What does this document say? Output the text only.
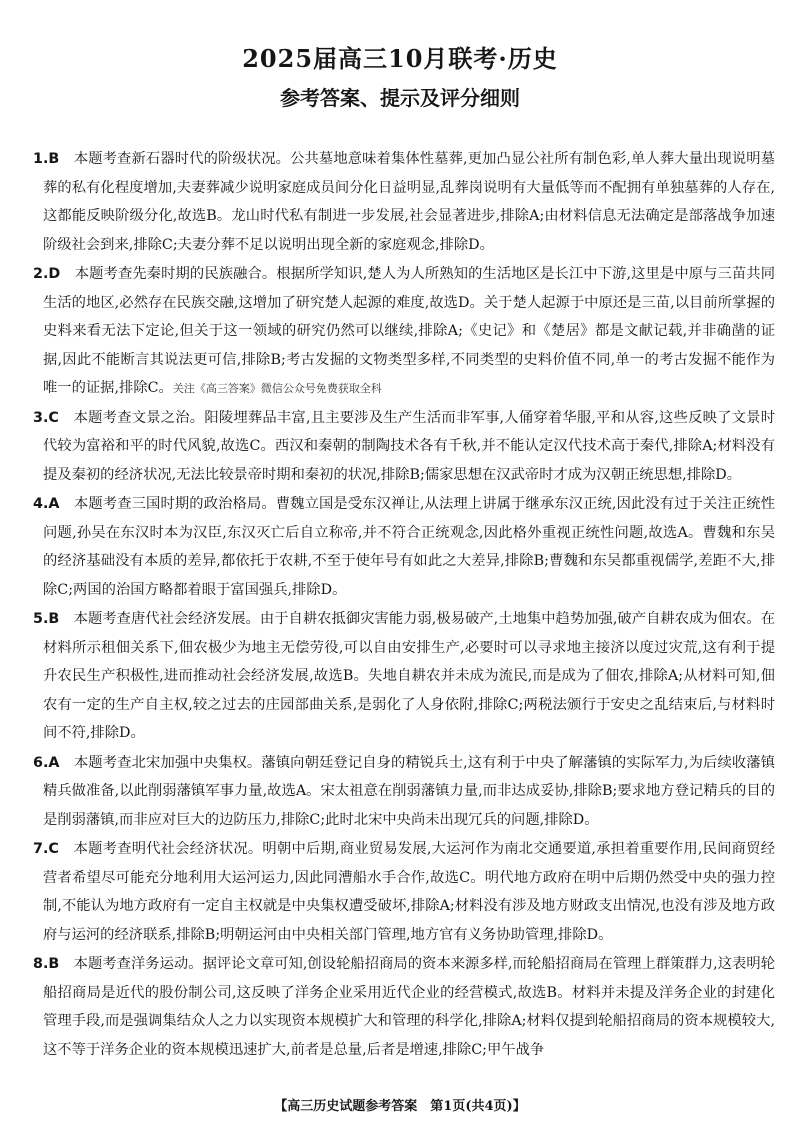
2025届高三10月联考·历史
参考答案、提示及评分细则

1.B　 本题考查新石器时代的阶级状况。公共墓地意味着集体性墓葬,更加凸显公社所有制色彩,单人葬大量出现说明墓葬的私有化程度增加,夫妻葬减少说明家庭成员间分化日益明显,乱葬岗说明有大量低等而不配拥有单独墓葬的人存在,这都能反映阶级分化,故选B。龙山时代私有制进一步发展,社会显著进步,排除A;由材料信息无法确定是部落战争加速阶级社会到来,排除C;夫妻分葬不足以说明出现全新的家庭观念,排除D。

2.D　 本题考查先秦时期的民族融合。根据所学知识,楚人为人所熟知的生活地区是长江中下游,这里是中原与三苗共同生活的地区,必然存在民族交融,这增加了研究楚人起源的难度,故选D。关于楚人起源于中原还是三苗,以目前所掌握的史料来看无法下定论,但关于这一领域的研究仍然可以继续,排除A;《史记》和《楚居》都是文献记载,并非确凿的证据,因此不能断言其说法更可信,排除B;考古发掘的文物类型多样,不同类型的史料价值不同,单一的考古发掘不能作为唯一的证据,排除C。关注《高三答案》微信公众号免费获取全科

3.C　 本题考查文景之治。阳陵埋葬品丰富,且主要涉及生产生活而非军事,人俑穿着华服,平和从容,这些反映了文景时代较为富裕和平的时代风貌,故选C。西汉和秦朝的制陶技术各有千秋,并不能认定汉代技术高于秦代,排除A;材料没有提及秦初的经济状况,无法比较景帝时期和秦初的状况,排除B;儒家思想在汉武帝时才成为汉朝正统思想,排除D。

4.A　 本题考查三国时期的政治格局。曹魏立国是受东汉禅让,从法理上讲属于继承东汉正统,因此没有过于关注正统性问题,孙吴在东汉时本为汉臣,东汉灭亡后自立称帝,并不符合正统观念,因此格外重视正统性问题,故选A。曹魏和东吴的经济基础没有本质的差异,都依托于农耕,不至于使年号有如此之大差异,排除B;曹魏和东吴都重视儒学,差距不大,排除C;两国的治国方略都着眼于富国强兵,排除D。

5.B　 本题考查唐代社会经济发展。由于自耕农抵御灾害能力弱,极易破产,土地集中趋势加强,破产自耕农成为佃农。在材料所示租佃关系下,佃农极少为地主无偿劳役,可以自由安排生产,必要时可以寻求地主接济以度过灾荒,这有利于提升农民生产积极性,进而推动社会经济发展,故选B。失地自耕农并未成为流民,而是成为了佃农,排除A;从材料可知,佃农有一定的生产自主权,较之过去的庄园部曲关系,是弱化了人身依附,排除C;两税法颁行于安史之乱结束后,与材料时间不符,排除D。

6.A　 本题考查北宋加强中央集权。藩镇向朝廷登记自身的精锐兵士,这有利于中央了解藩镇的实际军力,为后续收藩镇精兵做准备,以此削弱藩镇军事力量,故选A。宋太祖意在削弱藩镇力量,而非达成妥协,排除B;要求地方登记精兵的目的是削弱藩镇,而非应对巨大的边防压力,排除C;此时北宋中央尚未出现冗兵的问题,排除D。

7.C　 本题考查明代社会经济状况。明朝中后期,商业贸易发展,大运河作为南北交通要道,承担着重要作用,民间商贸经营者希望尽可能充分地利用大运河运力,因此同漕船水手合作,故选C。明代地方政府在明中后期仍然受中央的强力控制,不能认为地方政府有一定自主权就是中央集权遭受破坏,排除A;材料没有涉及地方财政支出情况,也没有涉及地方政府与运河的经济联系,排除B;明朝运河由中央相关部门管理,地方官有义务协助管理,排除D。

8.B　 本题考查洋务运动。据评论文章可知,创设轮船招商局的资本来源多样,而轮船招商局在管理上群策群力,这表明轮船招商局是近代的股份制公司,这反映了洋务企业采用近代企业的经营模式,故选B。材料并未提及洋务企业的封建化管理手段,而是强调集结众人之力以实现资本规模扩大和管理的科学化,排除A;材料仅提到轮船招商局的资本规模较大,这不等于洋务企业的资本规模迅速扩大,前者是总量,后者是增速,排除C;甲午战争

【高三历史试题参考答案　第1页(共4页)】
